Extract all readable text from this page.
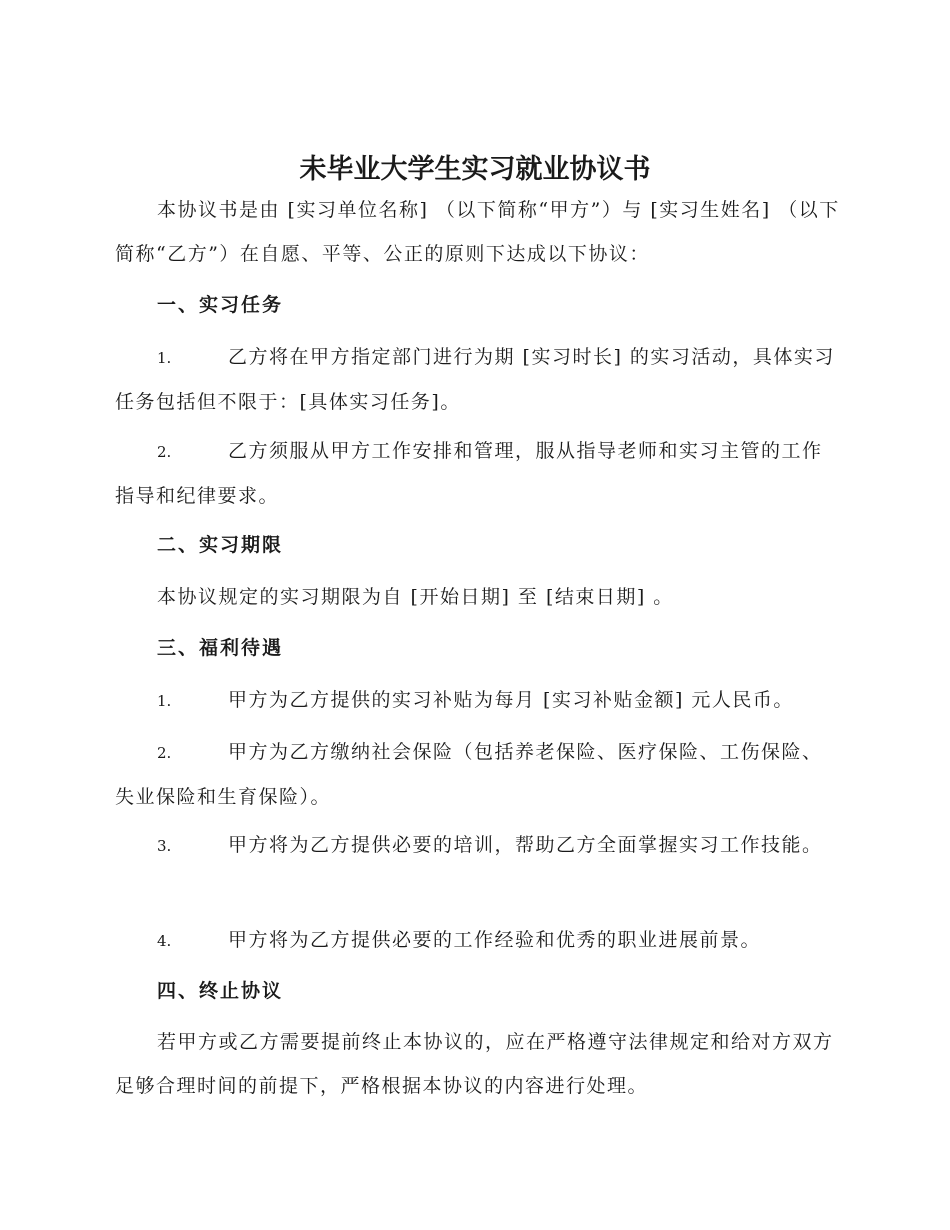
未毕业大学生实习就业协议书
本协议书是由 [实习单位名称] （以下简称“甲方”）与 [实习生姓名] （以下简称“乙方”）在自愿、平等、公正的原则下达成以下协议：
一、实习任务
1.	乙方将在甲方指定部门进行为期 [实习时长] 的实习活动，具体实习任务包括但不限于：[具体实习任务]。
2.	乙方须服从甲方工作安排和管理，服从指导老师和实习主管的工作指导和纪律要求。
二、实习期限
本协议规定的实习期限为自 [开始日期] 至 [结束日期] 。
三、福利待遇
1.	甲方为乙方提供的实习补贴为每月 [实习补贴金额] 元人民币。
2.	甲方为乙方缴纳社会保险（包括养老保险、医疗保险、工伤保险、失业保险和生育保险）。
3.	甲方将为乙方提供必要的培训，帮助乙方全面掌握实习工作技能。
4.	甲方将为乙方提供必要的工作经验和优秀的职业进展前景。
四、终止协议
若甲方或乙方需要提前终止本协议的，应在严格遵守法律规定和给对方双方足够合理时间的前提下，严格根据本协议的内容进行处理。
